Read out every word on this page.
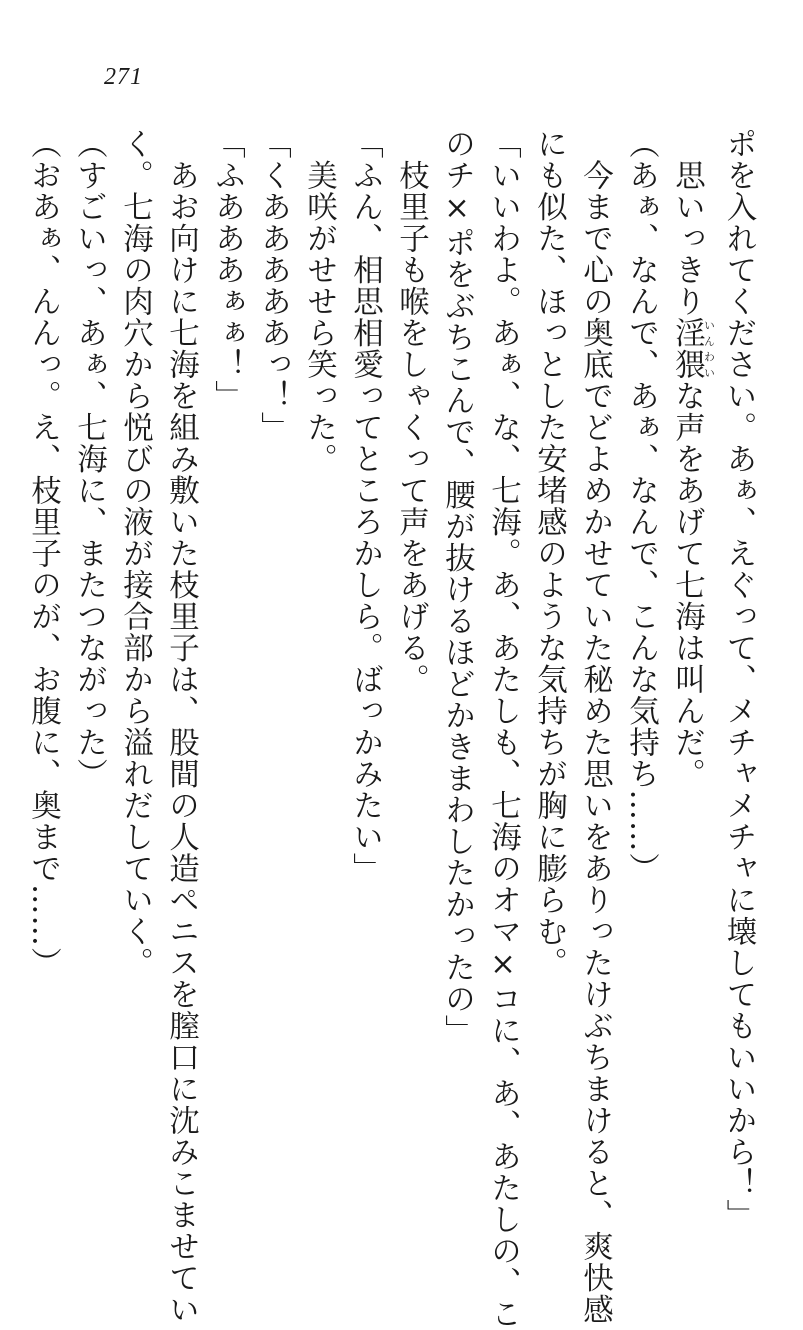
271
ポを入れてください。あぁ、えぐって、メチャメチャに壊してもいいから！」
　思いっきり淫猥いんわいな声をあげて七海は叫んだ。
（あぁ、なんで、あぁ、なんで、こんな気持ち……）
　今まで心の奥底でどよめかせていた秘めた思いをありったけぶちまけると、爽快感
にも似た、ほっとした安堵感のような気持ちが胸に膨らむ。
「いいわよ。あぁ、な、七海。あ、あたしも、七海のオマ×コに、あ、あたしの、こ
のチ×ポをぶちこんで、腰が抜けるほどかきまわしたかったの」
　枝里子も喉をしゃくって声をあげる。
「ふん、相思相愛ってところかしら。ばっかみたい」
　美咲がせせら笑った。
「くあああああっ！」
「ふあああぁぁ！」
　あお向けに七海を組み敷いた枝里子は、股間の人造ペニスを膣口に沈みこませてい
く。七海の肉穴から悦びの液が接合部から溢れだしていく。
（すごいっ、あぁ、七海に、またつながった）
（おあぁ、んんっ。え、枝里子のが、お腹に、奥まで……）
